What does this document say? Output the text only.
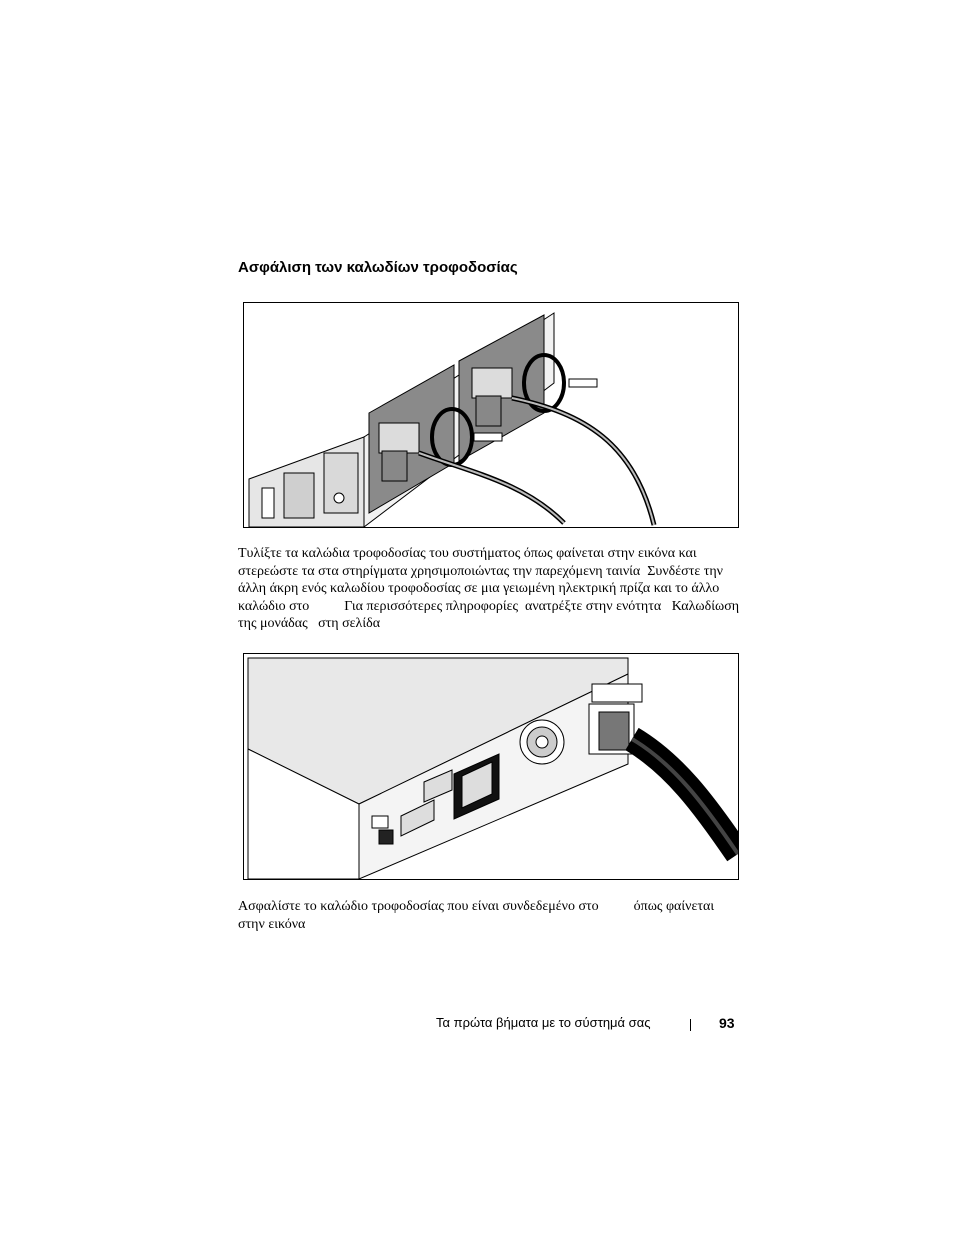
Ασφάλιση των καλωδίων τροφοδοσίας

Τυλίξτε τα καλώδια τροφοδοσίας του συστήματος όπως φαίνεται στην εικόνα και
στερεώστε τα στα στηρίγματα χρησιμοποιώντας την παρεχόμενη ταινία  Συνδέστε την
άλλη άκρη ενός καλωδίου τροφοδοσίας σε μια γειωμένη ηλεκτρική πρίζα και το άλλο
καλώδιο στο          Για περισσότερες πληροφορίες  ανατρέξτε στην ενότητα   Καλωδίωση
της μονάδας   στη σελίδα

Ασφαλίστε το καλώδιο τροφοδοσίας που είναι συνδεδεμένο στο          όπως φαίνεται
στην εικόνα

Τα πρώτα βήματα με το σύστημά σας	93
